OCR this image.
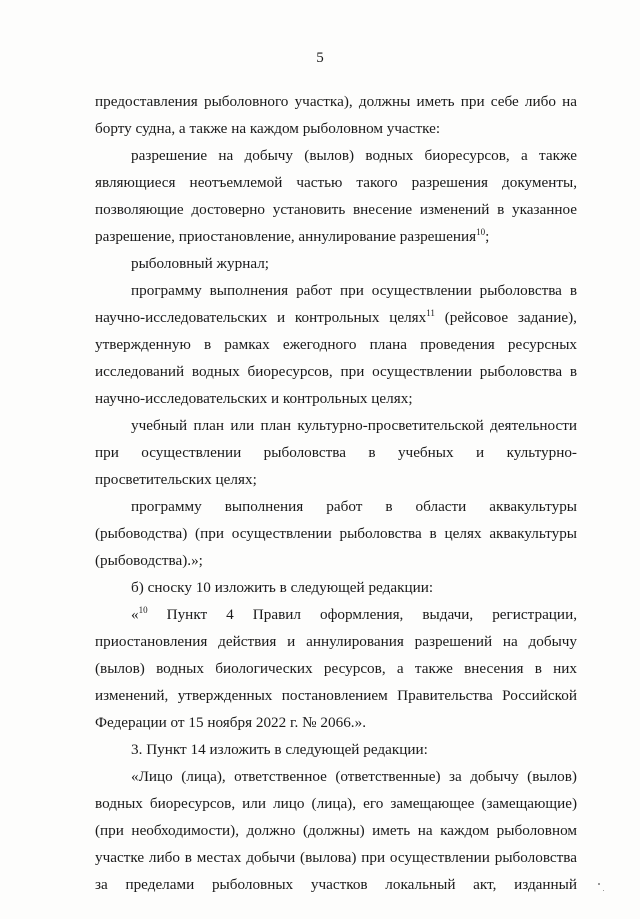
5

предоставления рыболовного участка), должны иметь при себе либо на борту судна, а также на каждом рыболовном участке:

разрешение на добычу (вылов) водных биоресурсов, а также являющиеся неотъемлемой частью такого разрешения документы, позволяющие достоверно установить внесение изменений в указанное разрешение, приостановление, аннулирование разрешения$^{10}$;

рыболовный журнал;

программу выполнения работ при осуществлении рыболовства в научно-исследовательских и контрольных целях$^{11}$ (рейсовое задание), утвержденную в рамках ежегодного плана проведения ресурсных исследований водных биоресурсов, при осуществлении рыболовства в научно-исследовательских и контрольных целях;

учебный план или план культурно-просветительской деятельности при осуществлении рыболовства в учебных и культурно-просветительских целях;

программу выполнения работ в области аквакультуры (рыбоводства) (при осуществлении рыболовства в целях аквакультуры (рыбоводства).»;

б) сноску 10 изложить в следующей редакции:

«$^{10}$ Пункт 4 Правил оформления, выдачи, регистрации, приостановления действия и аннулирования разрешений на добычу (вылов) водных биологических ресурсов, а также внесения в них изменений, утвержденных постановлением Правительства Российской Федерации от 15 ноября 2022 г. № 2066.».

3. Пункт 14 изложить в следующей редакции:

«Лицо (лица), ответственное (ответственные) за добычу (вылов) водных биоресурсов, или лицо (лица), его замещающее (замещающие) (при необходимости), должно (должны) иметь на каждом рыболовном участке либо в местах добычи (вылова) при осуществлении рыболовства за пределами рыболовных участков локальный акт, изданный
